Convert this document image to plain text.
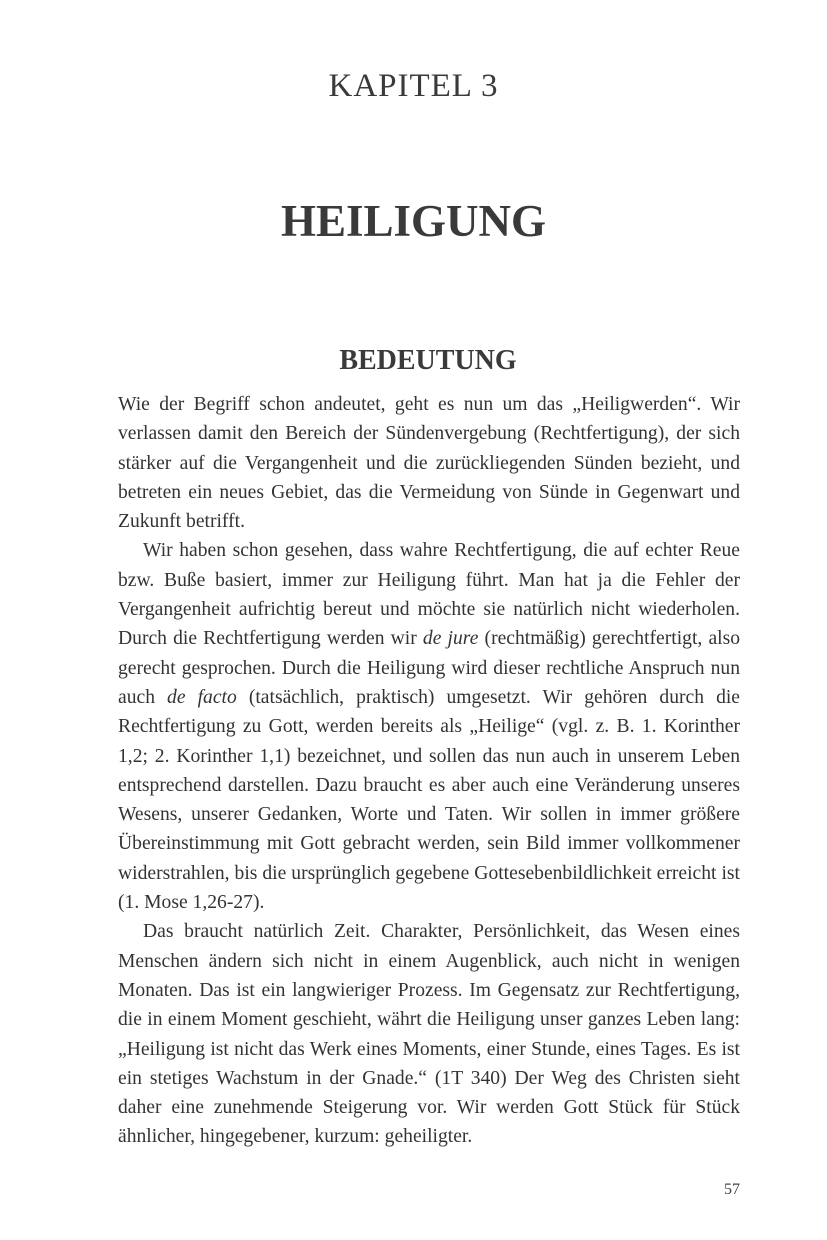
KAPITEL 3
HEILIGUNG
BEDEUTUNG

Wie der Begriff schon andeutet, geht es nun um das „Heiligwerden“. Wir verlassen damit den Bereich der Sündenvergebung (Rechtfertigung), der sich stärker auf die Vergangenheit und die zurückliegenden Sünden bezieht, und betreten ein neues Gebiet, das die Vermeidung von Sünde in Gegenwart und Zukunft betrifft.

Wir haben schon gesehen, dass wahre Rechtfertigung, die auf echter Reue bzw. Buße basiert, immer zur Heiligung führt. Man hat ja die Fehler der Vergangenheit aufrichtig bereut und möchte sie natürlich nicht wiederholen. Durch die Rechtfertigung werden wir de jure (rechtmäßig) gerechtfertigt, also gerecht gesprochen. Durch die Heiligung wird dieser rechtliche Anspruch nun auch de facto (tatsächlich, praktisch) umgesetzt. Wir gehören durch die Rechtfertigung zu Gott, werden bereits als „Heilige“ (vgl. z. B. 1. Korinther 1,2; 2. Korinther 1,1) bezeichnet, und sollen das nun auch in unserem Leben entsprechend darstellen. Dazu braucht es aber auch eine Veränderung unseres Wesens, unserer Gedanken, Worte und Taten. Wir sollen in immer größere Übereinstimmung mit Gott gebracht werden, sein Bild immer vollkommener widerstrahlen, bis die ursprünglich gegebene Gottesebenbildlichkeit erreicht ist (1. Mose 1,26-27).

Das braucht natürlich Zeit. Charakter, Persönlichkeit, das Wesen eines Menschen ändern sich nicht in einem Augenblick, auch nicht in wenigen Monaten. Das ist ein langwieriger Prozess. Im Gegensatz zur Rechtfertigung, die in einem Moment geschieht, währt die Heiligung unser ganzes Leben lang: „Heiligung ist nicht das Werk eines Moments, einer Stunde, eines Tages. Es ist ein stetiges Wachstum in der Gnade.“ (1T 340) Der Weg des Christen sieht daher eine zunehmende Steigerung vor. Wir werden Gott Stück für Stück ähnlicher, hingegebener, kurzum: geheiligter.

57
